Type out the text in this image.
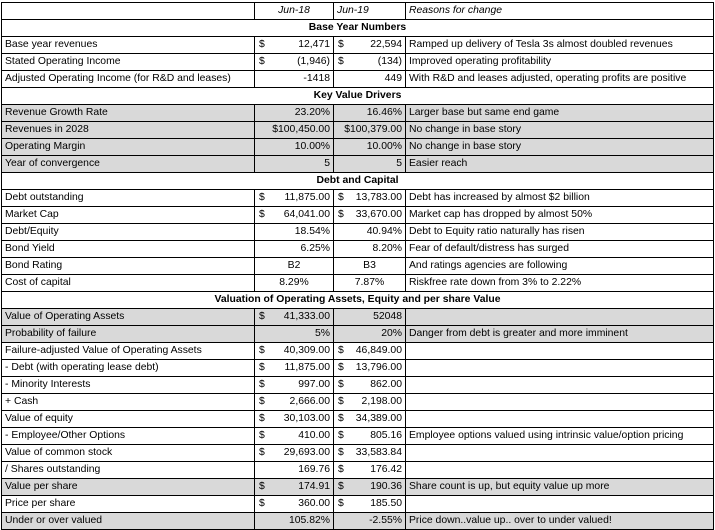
	Jun-18	Jun-19	Reasons for change
Base Year Numbers			
Base year revenues	$ 12,471	$ 22,594	Ramped up delivery of Tesla 3s almost doubled revenues
Stated Operating Income	$ (1,946)	$ (134)	Improved operating profitability
Adjusted Operating Income (for R&D and leases)	-1418	449	With R&D and leases adjusted, operating profits are positive
Key Value Drivers			
Revenue Growth Rate	23.20%	16.46%	Larger base but same end game
Revenues in 2028	$100,450.00	$100,379.00	No change in base story
Operating Margin	10.00%	10.00%	No change in base story
Year of convergence	5	5	Easier reach
Debt and Capital			
Debt outstanding	$ 11,875.00	$ 13,783.00	Debt has increased by almost $2 billion
Market Cap	$ 64,041.00	$ 33,670.00	Market cap has dropped by almost 50%
Debt/Equity	18.54%	40.94%	Debt to Equity ratio naturally has risen
Bond Yield	6.25%	8.20%	Fear of default/distress has surged
Bond Rating	B2	B3	And ratings agencies are following
Cost of capital	8.29%	7.87%	Riskfree rate down from 3% to 2.22%
Valuation of Operating Assets, Equity and per share Value			
Value of Operating Assets	$ 41,333.00	52048	
Probability of failure	5%	20%	Danger from debt is greater and more imminent
Failure-adjusted Value of Operating Assets	$ 40,309.00	$ 46,849.00	
- Debt (with operating lease debt)	$ 11,875.00	$ 13,796.00	
- Minority Interests	$ 997.00	$ 862.00	
+ Cash	$ 2,666.00	$ 2,198.00	
Value of equity	$ 30,103.00	$ 34,389.00	
- Employee/Other Options	$ 410.00	$ 805.16	Employee options valued using intrinsic value/option pricing
Value of common stock	$ 29,693.00	$ 33,583.84	
/ Shares outstanding	169.76	$ 176.42	
Value per share	$ 174.91	$ 190.36	Share count is up, but equity value up more
Price per share	$ 360.00	$ 185.50	
Under or over valued	105.82%	-2.55%	Price down..value up.. over to under valued!
